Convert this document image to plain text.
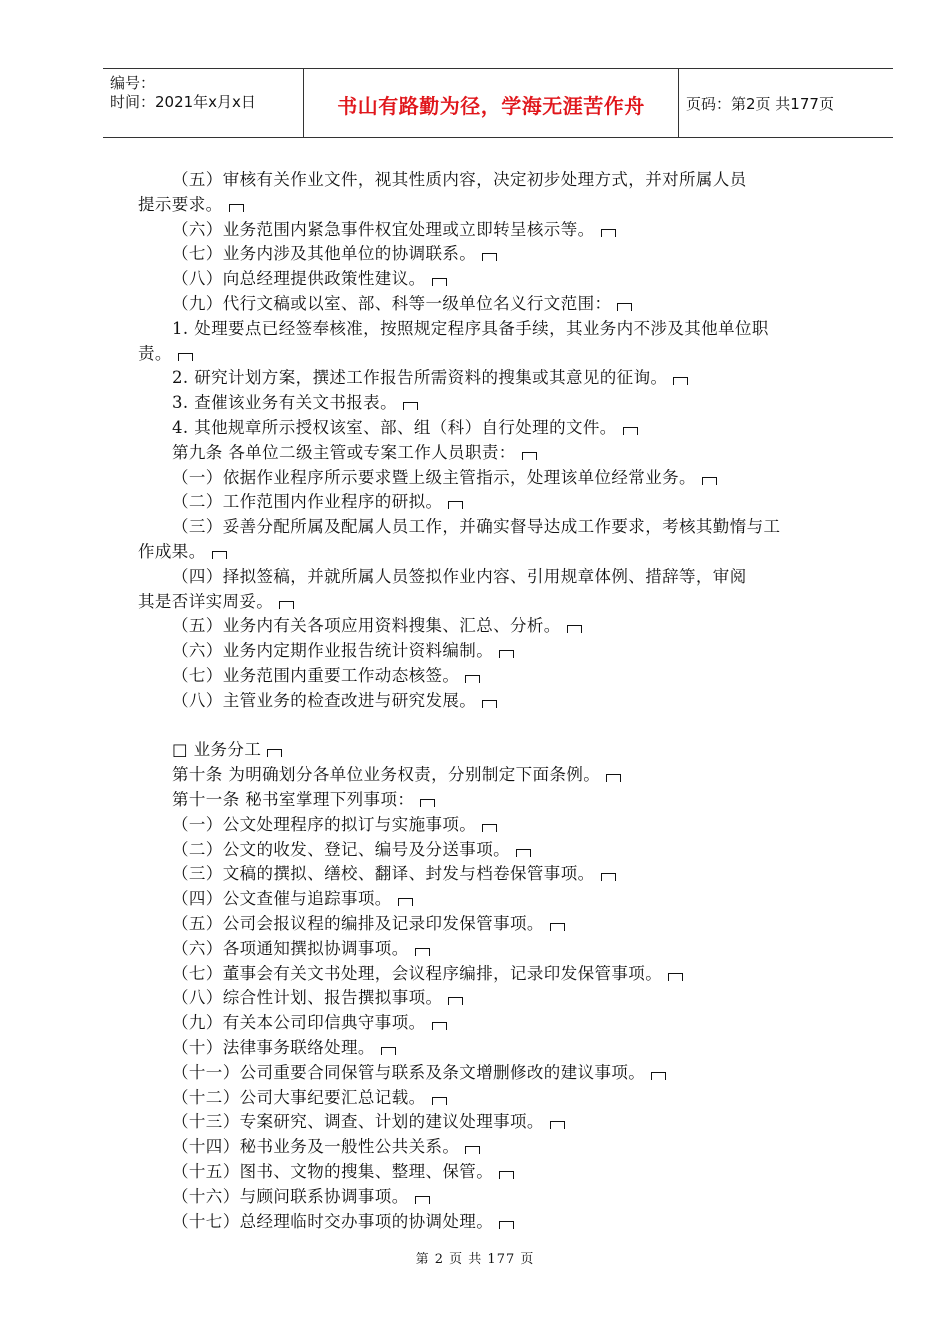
编号：
时间：2021年x月x日	书山有路勤为径，学海无涯苦作舟	页码：第2页 共177页
（五）审核有关作业文件，视其性质内容，决定初步处理方式，并对所属人员
提示要求。
（六）业务范围内紧急事件权宜处理或立即转呈核示等。
（七）业务内涉及其他单位的协调联系。
（八）向总经理提供政策性建议。
（九）代行文稿或以室、部、科等一级单位名义行文范围：
1. 处理要点已经签奉核准，按照规定程序具备手续，其业务内不涉及其他单位职
责。
2. 研究计划方案，撰述工作报告所需资料的搜集或其意见的征询。
3. 查催该业务有关文书报表。
4. 其他规章所示授权该室、部、组（科）自行处理的文件。
第九条 各单位二级主管或专案工作人员职责：
（一）依据作业程序所示要求暨上级主管指示，处理该单位经常业务。
（二）工作范围内作业程序的研拟。
（三）妥善分配所属及配属人员工作，并确实督导达成工作要求，考核其勤惰与工
作成果。
（四）择拟签稿，并就所属人员签拟作业内容、引用规章体例、措辞等，审阅
其是否详实周妥。
（五）业务内有关各项应用资料搜集、汇总、分析。
（六）业务内定期作业报告统计资料编制。
（七）业务范围内重要工作动态核签。
（八）主管业务的检查改进与研究发展。
□ 业务分工
第十条 为明确划分各单位业务权责，分别制定下面条例。
第十一条 秘书室掌理下列事项：
（一）公文处理程序的拟订与实施事项。
（二）公文的收发、登记、编号及分送事项。
（三）文稿的撰拟、缮校、翻译、封发与档卷保管事项。
（四）公文查催与追踪事项。
（五）公司会报议程的编排及记录印发保管事项。
（六）各项通知撰拟协调事项。
（七）董事会有关文书处理，会议程序编排，记录印发保管事项。
（八）综合性计划、报告撰拟事项。
（九）有关本公司印信典守事项。
（十）法律事务联络处理。
（十一）公司重要合同保管与联系及条文增删修改的建议事项。
（十二）公司大事纪要汇总记载。
（十三）专案研究、调查、计划的建议处理事项。
（十四）秘书业务及一般性公共关系。
（十五）图书、文物的搜集、整理、保管。
（十六）与顾问联系协调事项。
（十七）总经理临时交办事项的协调处理。
第 2 页 共 177 页
